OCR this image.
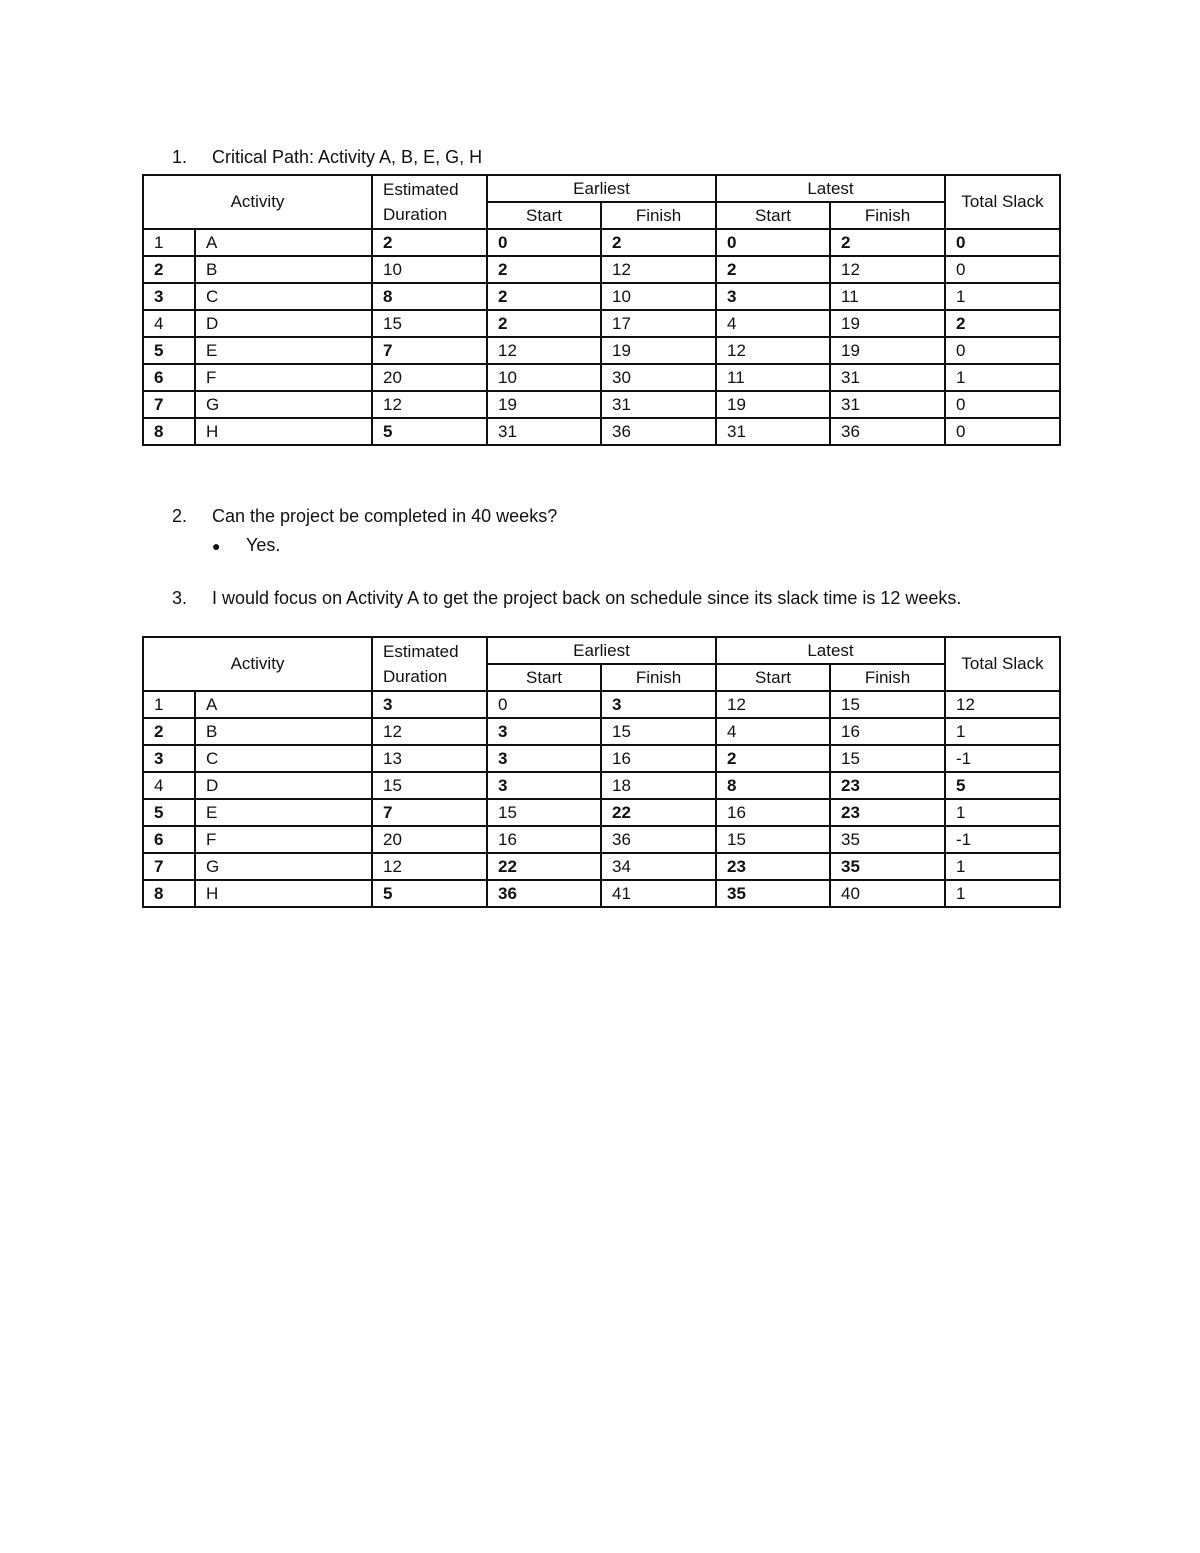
1.	Critical Path: Activity A, B, E, G, H
Activity		Estimated
Duration	Earliest		Latest		Total Slack
			Start	Finish	Start	Finish	
1	A	2	0	2	0	2	0
2	B	10	2	12	2	12	0
3	C	8	2	10	3	11	1
4	D	15	2	17	4	19	2
5	E	7	12	19	12	19	0
6	F	20	10	30	11	31	1
7	G	12	19	31	19	31	0
8	H	5	31	36	31	36	0
2.	Can the project be completed in 40 weeks?
●	Yes.
3.	I would focus on Activity A to get the project back on schedule since its slack time is 12 weeks.
Activity		Estimated
Duration	Earliest		Latest		Total Slack
			Start	Finish	Start	Finish	
1	A	3	0	3	12	15	12
2	B	12	3	15	4	16	1
3	C	13	3	16	2	15	-1
4	D	15	3	18	8	23	5
5	E	7	15	22	16	23	1
6	F	20	16	36	15	35	-1
7	G	12	22	34	23	35	1
8	H	5	36	41	35	40	1
